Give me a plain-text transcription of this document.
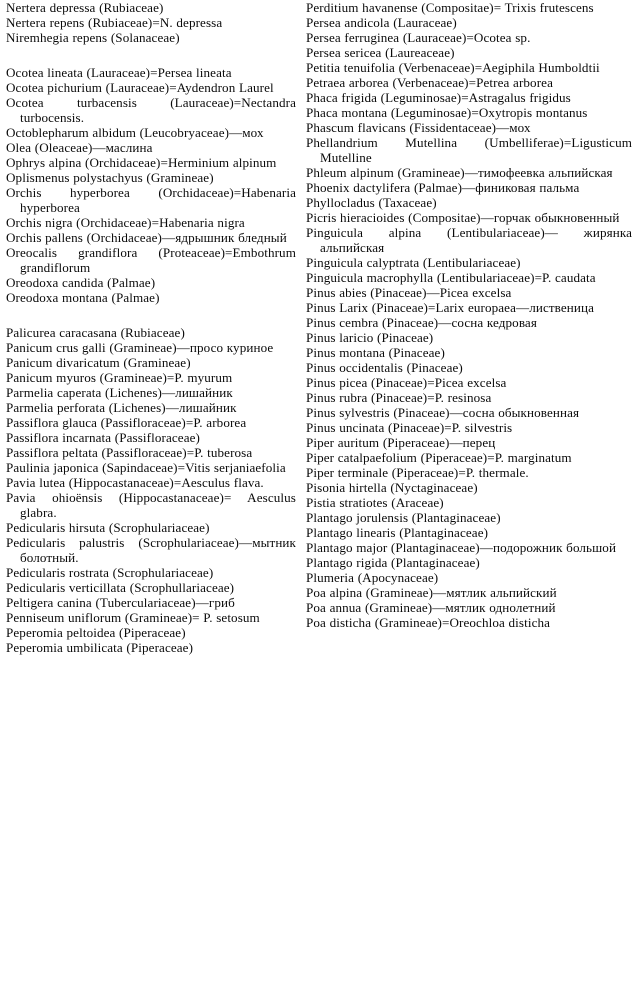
Nertera depressa (Rubiaceae)

Nertera repens (Rubiaceae)=N. depressa

Niremhegia repens (Solanaceae)

Ocotea lineata (Lauraceae)=Persea lineata

Ocotea pichurium (Lauraceae)=Aydendron Laurel

Ocotea turbacensis (Lauraceae)=Nectandra turbocensis.

Octoblepharum albidum (Leucobryaceae)—мох

Olea (Oleaceae)—маслина

Ophrys alpina (Orchidaceae)=Herminium alpinum

Oplismenus polystachyus (Gramineae)

Orchis hyperborea (Orchidaceae)=Habenaria hyperborea

Orchis nigra (Orchidaceae)=Habenaria nigra

Orchis pallens (Orchidaceae)—ядрышник бледный

Oreocalis grandiflora (Proteaceae)=Embothrum grandiflorum

Oreodoxa candida (Palmae)

Oreodoxa montana (Palmae)

Palicurea caracasana (Rubiaceae)

Panicum crus galli (Gramineae)—просо куриное

Panicum divaricatum (Gramineae)

Panicum myuros (Gramineae)=P. myurum

Parmelia caperata (Lichenes)—лишайник

Parmelia perforata (Lichenes)—лишайник

Passiflora glauca (Passifloraceae)=P. arborea

Passiflora incarnata (Passifloraceae)

Passiflora peltata (Passifloraceae)=P. tuberosa

Paulinia japonica (Sapindaceae)=Vitis serjaniaefolia

Pavia lutea (Hippocastanaceae)=Aesculus flava.

Pavia ohioënsis (Hippocastanaceae)= Aesculus glabra.

Pedicularis hirsuta (Scrophulariaceae)

Pedicularis palustris (Scrophulariaceae)—мытник болотный.

Pedicularis rostrata (Scrophulariaceae)

Pedicularis verticillata (Scrophullariaceae)

Peltigera canina (Tuberculariaceae)—гриб

Penniseum uniflorum (Gramineae)= P. setosum

Peperomia peltoidea (Piperaceae)

Peperomia umbilicata (Piperaceae)

Perditium havanense (Compositae)= Trixis frutescens

Persea andicola (Lauraceae)

Persea ferruginea (Lauraceae)=Ocotea sp.

Persea sericea (Laureaceae)

Petitia tenuifolia (Verbenaceae)=Aegiphila Humboldtii

Petraea arborea (Verbenaceae)=Petrea arborea

Phaca frigida (Leguminosae)=Astragalus frigidus

Phaca montana (Leguminosae)=Oxytropis montanus

Phascum flavicans (Fissidentaceae)—мох

Phellandrium Mutellina (Umbelliferae)=Ligusticum Mutelline

Phleum alpinum (Gramineae)—тимофеевка альпийская

Phoenix dactylifera (Palmae)—финиковая пальма

Phyllocladus (Taxaceae)

Picris hieracioides (Compositae)—горчак обыкновенный

Pinguicula alpina (Lentibulariaceae)— жирянка альпийская

Pinguicula calyptrata (Lentibulariaceae)

Pinguicula macrophylla (Lentibulariaceae)=P. caudata

Pinus abies (Pinaceae)—Picea excelsa

Pinus Larix (Pinaceae)=Larix europaea—лиственица

Pinus cembra (Pinaceae)—сосна кедровая

Pinus laricio (Pinaceae)

Pinus montana (Pinaceae)

Pinus occidentalis (Pinaceae)

Pinus picea (Pinaceae)=Picea excelsa

Pinus rubra (Pinaceae)=P. resinosa

Pinus sylvestris (Pinaceae)—сосна обыкновенная

Pinus uncinata (Pinaceae)=P. silvestris

Piper auritum (Piperaceae)—перец

Piper catalpaefolium (Piperaceae)=P. marginatum

Piper terminale (Piperaceae)=P. thermale.

Pisonia hirtella (Nyctaginaceae)

Pistia stratiotes (Araceae)

Plantago jorulensis (Plantaginaceae)

Plantago linearis (Plantaginaceae)

Plantago major (Plantaginaceae)—подорожник большой

Plantago rigida (Plantaginaceae)

Plumeria (Apocynaceae)

Poa alpina (Gramineae)—мятлик альпийский

Poa annua (Gramineae)—мятлик однолетний

Poa disticha (Gramineae)=Oreochloa disticha
